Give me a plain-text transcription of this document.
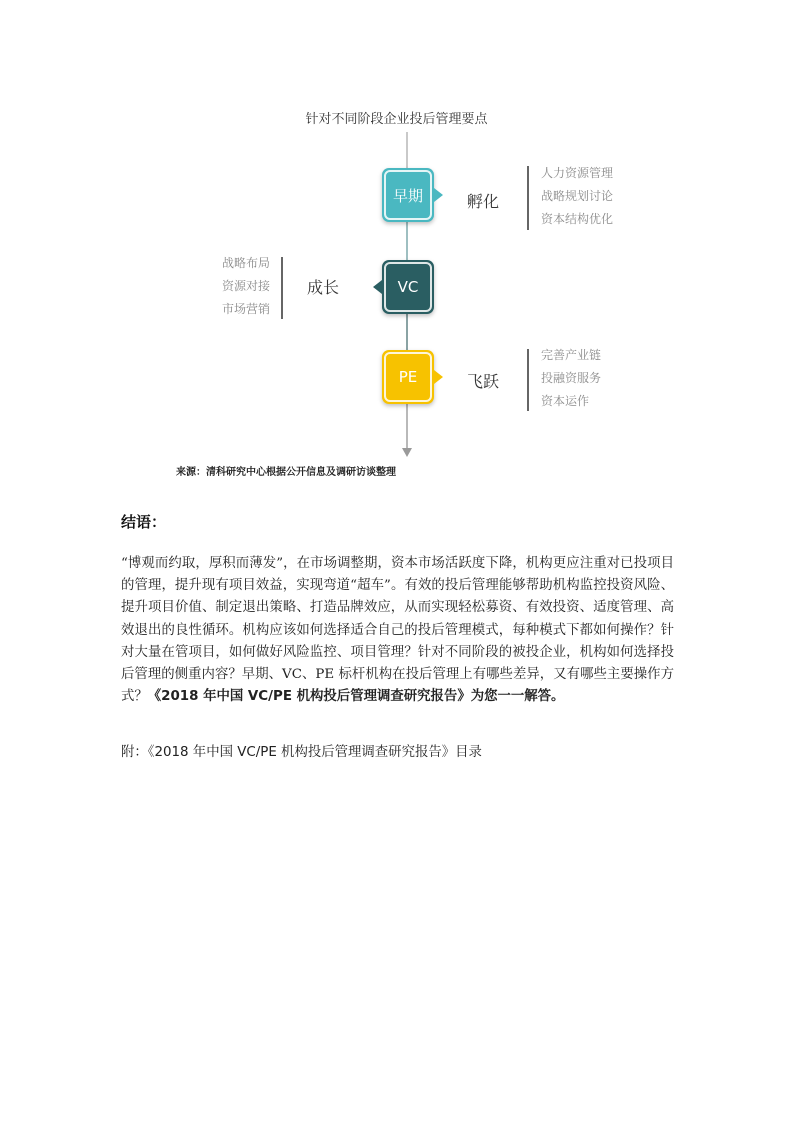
针对不同阶段企业投后管理要点
早期	孵化
人力资源管理
战略规划讨论
资本结构优化
VC
成长
战略布局
资源对接
市场营销
PE	飞跃
完善产业链
投融资服务
资本运作
来源：清科研究中心根据公开信息及调研访谈整理
结语：
“博观而约取，厚积而薄发”，在市场调整期，资本市场活跃度下降，机构更应注重对已投项目的管理，提升现有项目效益，实现弯道“超车”。有效的投后管理能够帮助机构监控投资风险、提升项目价值、制定退出策略、打造品牌效应，从而实现轻松募资、有效投资、适度管理、高效退出的良性循环。机构应该如何选择适合自己的投后管理模式，每种模式下都如何操作？针对大量在管项目，如何做好风险监控、项目管理？针对不同阶段的被投企业，机构如何选择投后管理的侧重内容？早期、VC、PE 标杆机构在投后管理上有哪些差异，又有哪些主要操作方式？《2018 年中国 VC/PE 机构投后管理调查研究报告》为您一一解答。
附：《2018 年中国 VC/PE 机构投后管理调查研究报告》目录
